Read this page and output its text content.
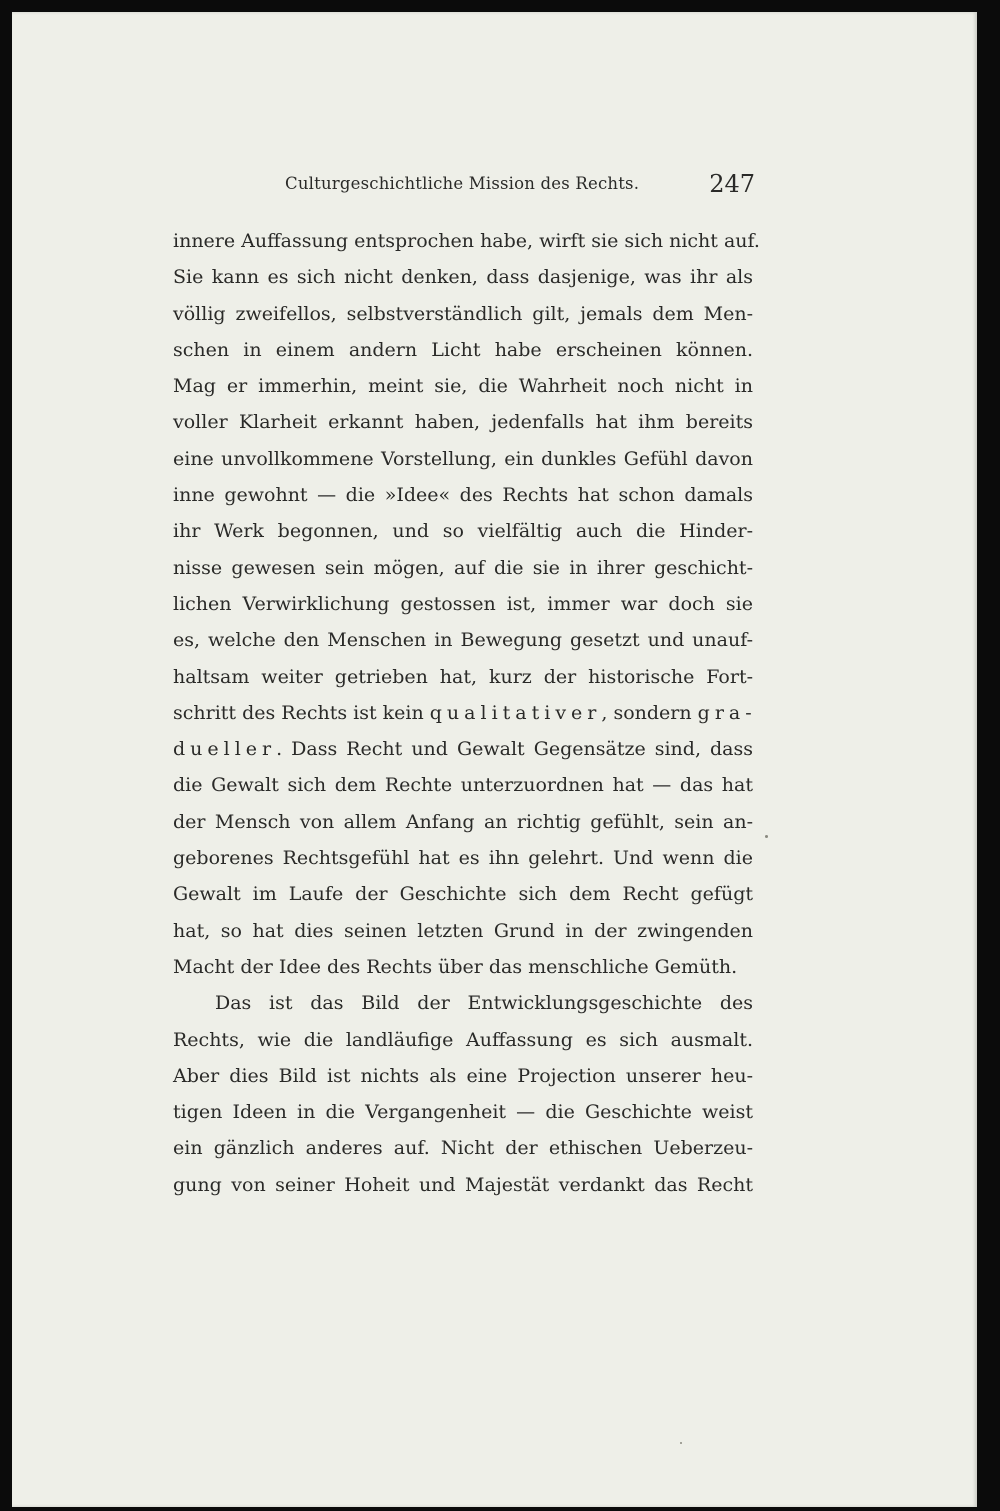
Culturgeschichtliche Mission des Rechts.	247
innere Auffassung entsprochen habe, wirft sie sich nicht auf.
Sie kann es sich nicht denken, dass dasjenige, was ihr als
völlig zweifellos, selbstverständlich gilt, jemals dem Men-
schen in einem andern Licht habe erscheinen können.
Mag er immerhin, meint sie, die Wahrheit noch nicht in
voller Klarheit erkannt haben, jedenfalls hat ihm bereits
eine unvollkommene Vorstellung, ein dunkles Gefühl davon
inne gewohnt — die »Idee« des Rechts hat schon damals
ihr Werk begonnen, und so vielfältig auch die Hinder-
nisse gewesen sein mögen, auf die sie in ihrer geschicht-
lichen Verwirklichung gestossen ist, immer war doch sie
es, welche den Menschen in Bewegung gesetzt und unauf-
haltsam weiter getrieben hat, kurz der historische Fort-
schritt des Rechts ist kein qualitativer, sondern gra-
dueller. Dass Recht und Gewalt Gegensätze sind, dass
die Gewalt sich dem Rechte unterzuordnen hat — das hat
der Mensch von allem Anfang an richtig gefühlt, sein an-
geborenes Rechtsgefühl hat es ihn gelehrt. Und wenn die
Gewalt im Laufe der Geschichte sich dem Recht gefügt
hat, so hat dies seinen letzten Grund in der zwingenden
Macht der Idee des Rechts über das menschliche Gemüth.
Das ist das Bild der Entwicklungsgeschichte des
Rechts, wie die landläufige Auffassung es sich ausmalt.
Aber dies Bild ist nichts als eine Projection unserer heu-
tigen Ideen in die Vergangenheit — die Geschichte weist
ein gänzlich anderes auf. Nicht der ethischen Ueberzeu-
gung von seiner Hoheit und Majestät verdankt das Recht
